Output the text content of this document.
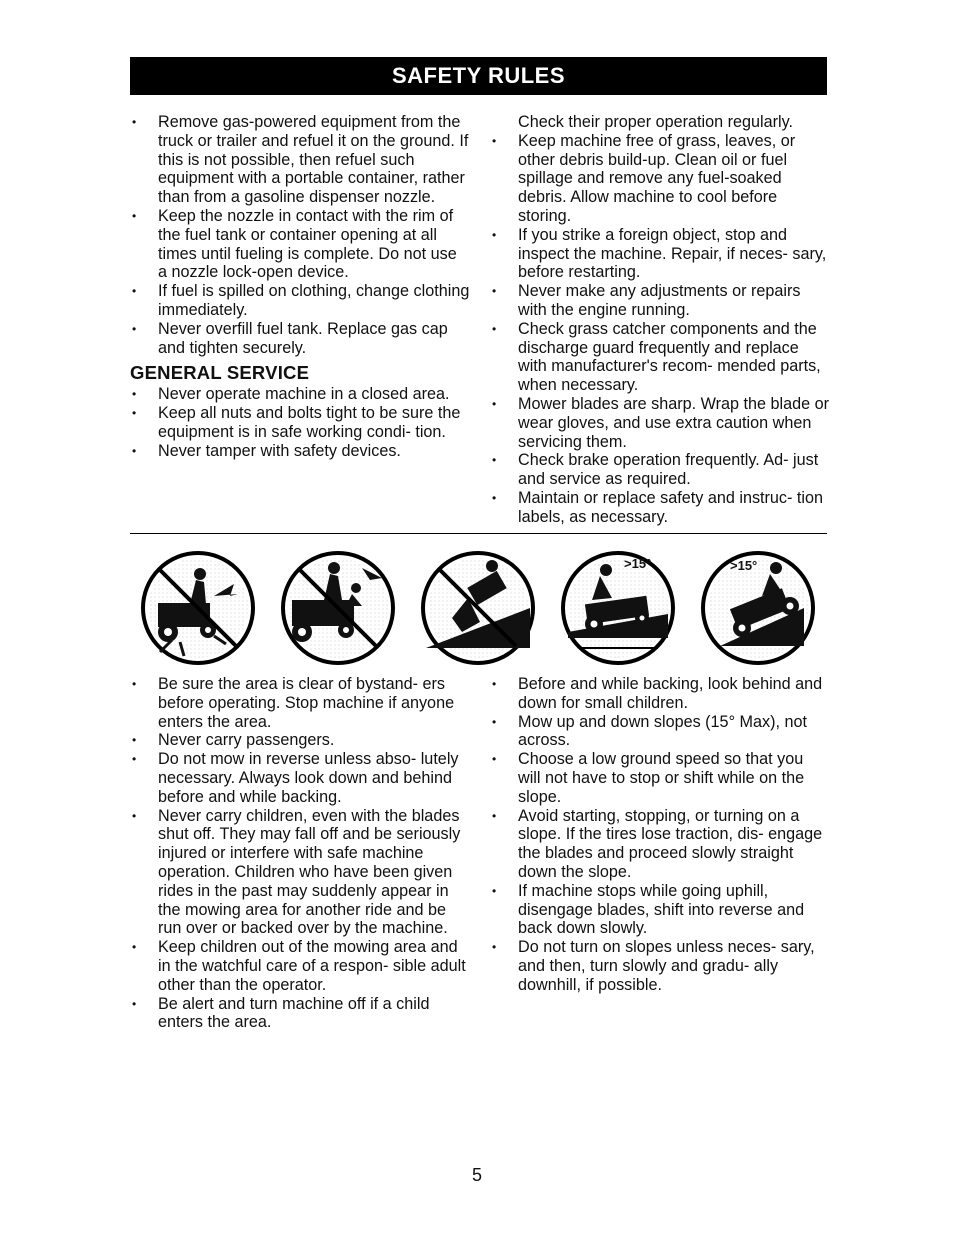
SAFETY RULES
• Remove gas-powered equipment from the truck or trailer and refuel it on the ground. If this is not possible, then refuel such equipment with a portable container, rather than from a gasoline dispenser nozzle.
• Keep the nozzle in contact with the rim of the fuel tank or container opening at all times until fueling is complete. Do not use a nozzle lock-open device.
• If fuel is spilled on clothing, change clothing immediately.
• Never overfill fuel tank. Replace gas cap and tighten securely.
GENERAL SERVICE
• Never operate machine in a closed area.
• Keep all nuts and bolts tight to be sure the equipment is in safe working condi- tion.
• Never tamper with safety devices.
Check their proper operation regularly.
• Keep machine free of grass, leaves, or other debris build-up. Clean oil or fuel spillage and remove any fuel-soaked debris. Allow machine to cool before storing.
• If you strike a foreign object, stop and inspect the machine. Repair, if neces- sary, before restarting.
• Never make any adjustments or repairs with the engine running.
• Check grass catcher components and the discharge guard frequently and replace with manufacturer's recom- mended parts, when necessary.
• Mower blades are sharp. Wrap the blade or wear gloves, and use extra caution when servicing them.
• Check brake operation frequently. Ad- just and service as required.
• Maintain or replace safety and instruc- tion labels, as necessary.
>15°	>15°
• Be sure the area is clear of bystand- ers before operating. Stop machine if anyone enters the area.
• Never carry passengers.
• Do not mow in reverse unless abso- lutely necessary. Always look down and behind before and while backing.
• Never carry children, even with the blades shut off. They may fall off and be seriously injured or interfere with safe machine operation. Children who have been given rides in the past may suddenly appear in the mowing area for another ride and be run over or backed over by the machine.
• Keep children out of the mowing area and in the watchful care of a respon- sible adult other than the operator.
• Be alert and turn machine off if a child enters the area.
• Before and while backing, look behind and down for small children.
• Mow up and down slopes (15° Max), not across.
• Choose a low ground speed so that you will not have to stop or shift while on the slope.
• Avoid starting, stopping, or turning on a slope. If the tires lose traction, dis- engage the blades and proceed slowly straight down the slope.
• If machine stops while going uphill, disengage blades, shift into reverse and back down slowly.
• Do not turn on slopes unless neces- sary, and then, turn slowly and gradu- ally downhill, if possible.
5
